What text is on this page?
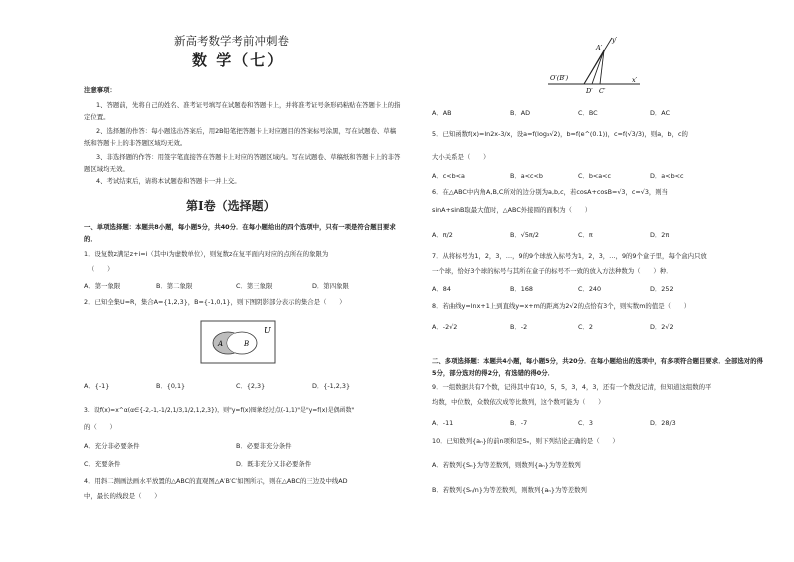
新高考数学考前冲刺卷
数 学（七）
注意事项：
1、答题前，先将自己的姓名、准考证号填写在试题卷和答题卡上，并将准考证号条形码粘贴在答题卡上的指定位置。
2、选择题的作答：每小题选出答案后，用2B铅笔把答题卡上对应题目的答案标号涂黑，写在试题卷、草稿纸和答题卡上的非答题区域均无效。
3、非选择题的作答：用签字笔直接答在答题卡上对应的答题区域内。写在试题卷、草稿纸和答题卡上的非答题区域均无效。
4、考试结束后，请将本试题卷和答题卡一并上交。
第Ⅰ卷（选择题）
一、单项选择题：本题共8小题，每小题5分，共40分．在每小题给出的四个选项中，只有一项是符合题目要求的．
1．设复数z满足z+i=i（其中i为虚数单位），则复数z在复平面内对应的点所在的象限为
（　　）
A．第一象限	B．第二象限	C．第三象限	D．第四象限
2．已知全集U=R，集合A={1,2,3}，B={-1,0,1}，则下图阴影部分表示的集合是（　　）
U
A	B
A．{-1}	B．{0,1}	C．{2,3}	D．{-1,2,3}
3．设f(x)=x^α(α∈{-2,-1,-1/2,1/3,1/2,1,2,3})，则"y=f(x)图象经过点(-1,1)"是"y=f(x)是偶函数"
的（　　）
A．充分非必要条件	B．必要非充分条件
C．充要条件	D．既非充分又非必要条件
4．用斜二测画法画水平放置的△ABC的直观图△A′B′C′如图所示，则在△ABC的三边及中线AD
中，最长的线段是（　　）
y′
A′
O′(B′)
D′ C′
x′
A．AB	B．AD	C．BC	D．AC
5．已知函数f(x)=ln2x-3/x，设a=f(log₃√2)，b=f(e^(0.1))，c=f(√3/3)，则a，b，c的
大小关系是（　　）
A．c<b<a	B．a<c<b	C．b<a<c	D．a<b<c
6．在△ABC中内角A,B,C所对的边分别为a,b,c，若cosA+cosB=√3，c=√3，则当
sinA+sinB取最大值时，△ABC外接圆的面积为（　　）
A．π/2	B．√5π/2	C．π	D．2π
7．从将标号为1，2，3，…，9的9个球放入标号为1，2，3，…，9的9个盒子里，每个盒内只放
一个球，恰好3个球的标号与其所在盒子的标号不一致的放入方法种数为（　　）种．
A．84	B．168	C．240	D．252
8．若曲线y=lnx+1上到直线y=x+m的距离为2√2的点恰有3个，则实数m的值是（　　）
A．-2√2	B．-2	C．2	D．2√2
二、多项选择题：本题共4小题，每小题5分，共20分．在每小题给出的选项中，有多项符合题目要求．全部选对的得5分，部分选对的得2分，有选错的得0分．
9．一组数据共有7个数，记得其中有10，5，5，3，4，3，还有一个数没记清，但知道这组数的平
均数，中位数，众数依次成等比数列，这个数可能为（　　）
A．-11	B．-7	C．3	D．28/3
10．已知数列{aₙ}的前n项和是Sₙ，则下列结论正确的是（　　）
A．若数列{Sₙ}为等差数列，则数列{aₙ}为等差数列
B．若数列{Sₙ/n}为等差数列，则数列{aₙ}为等差数列
